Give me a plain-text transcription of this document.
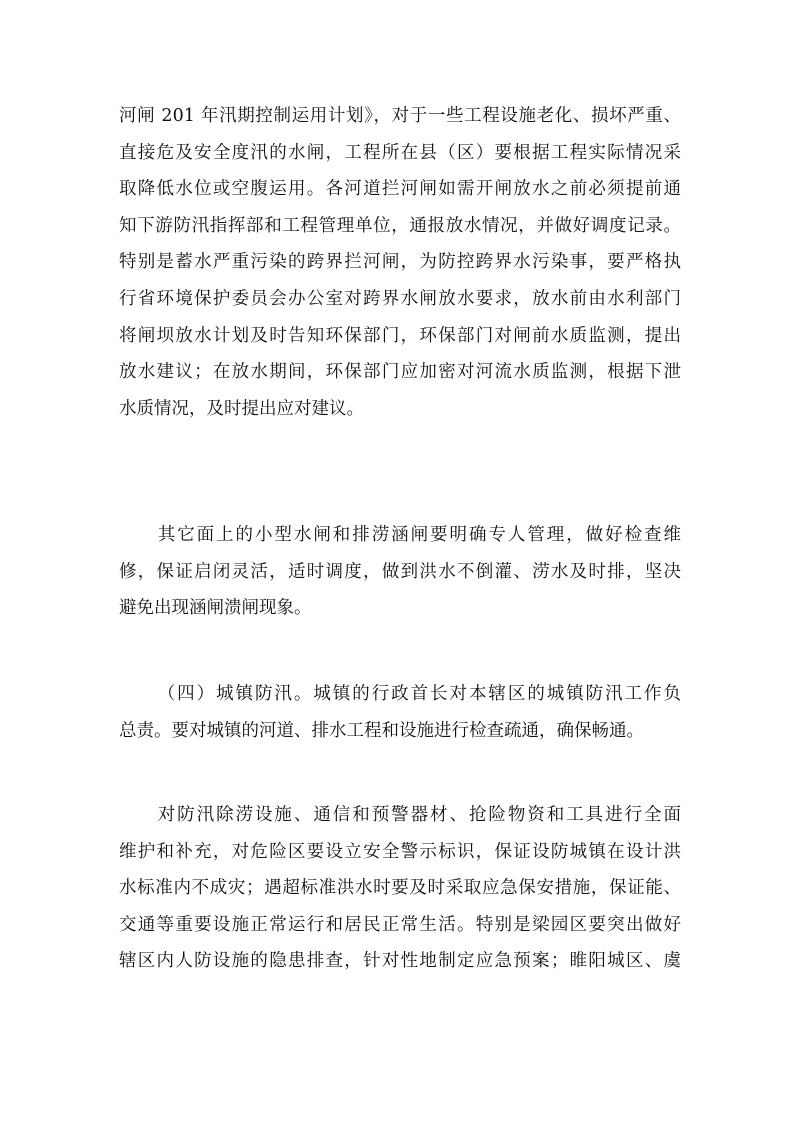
河闸 201 年汛期控制运用计划》，对于一些工程设施老化、损坏严重、
直接危及安全度汛的水闸，工程所在县（区）要根据工程实际情况采
取降低水位或空腹运用。各河道拦河闸如需开闸放水之前必须提前通
知下游防汛指挥部和工程管理单位，通报放水情况，并做好调度记录。
特别是蓄水严重污染的跨界拦河闸，为防控跨界水污染事，要严格执
行省环境保护委员会办公室对跨界水闸放水要求，放水前由水利部门
将闸坝放水计划及时告知环保部门，环保部门对闸前水质监测，提出
放水建议；在放水期间，环保部门应加密对河流水质监测，根据下泄
水质情况，及时提出应对建议。

其它面上的小型水闸和排涝涵闸要明确专人管理，做好检查维
修，保证启闭灵活，适时调度，做到洪水不倒灌、涝水及时排，坚决
避免出现涵闸溃闸现象。

（四）城镇防汛。城镇的行政首长对本辖区的城镇防汛工作负
总责。要对城镇的河道、排水工程和设施进行检查疏通，确保畅通。

对防汛除涝设施、通信和预警器材、抢险物资和工具进行全面
维护和补充，对危险区要设立安全警示标识，保证设防城镇在设计洪
水标准内不成灾；遇超标准洪水时要及时采取应急保安措施，保证能、
交通等重要设施正常运行和居民正常生活。特别是梁园区要突出做好
辖区内人防设施的隐患排查，针对性地制定应急预案；睢阳城区、虞
